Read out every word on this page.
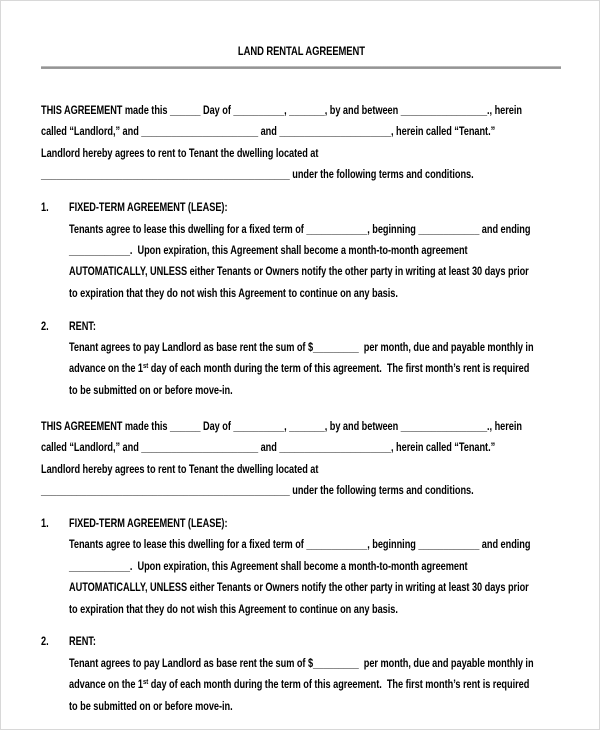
LAND RENTAL AGREEMENT
THIS AGREEMENT made this ______ Day of __________, _______, by and between _________________., herein
called “Landlord,” and _______________________ and ______________________, herein called “Tenant.”
Landlord hereby agrees to rent to Tenant the dwelling located at
_________________________________________________ under the following terms and conditions.
1.	FIXED-TERM AGREEMENT (LEASE):
Tenants agree to lease this dwelling for a fixed term of ____________, beginning ____________ and ending
____________.  Upon expiration, this Agreement shall become a month-to-month agreement
AUTOMATICALLY, UNLESS either Tenants or Owners notify the other party in writing at least 30 days prior
to expiration that they do not wish this Agreement to continue on any basis.
2.	RENT:
Tenant agrees to pay Landlord as base rent the sum of $_________  per month, due and payable monthly in
advance on the 1st day of each month during the term of this agreement.  The first month’s rent is required
to be submitted on or before move-in.
THIS AGREEMENT made this ______ Day of __________, _______, by and between _________________., herein
called “Landlord,” and _______________________ and ______________________, herein called “Tenant.”
Landlord hereby agrees to rent to Tenant the dwelling located at
_________________________________________________ under the following terms and conditions.
1.	FIXED-TERM AGREEMENT (LEASE):
Tenants agree to lease this dwelling for a fixed term of ____________, beginning ____________ and ending
____________.  Upon expiration, this Agreement shall become a month-to-month agreement
AUTOMATICALLY, UNLESS either Tenants or Owners notify the other party in writing at least 30 days prior
to expiration that they do not wish this Agreement to continue on any basis.
2.	RENT:
Tenant agrees to pay Landlord as base rent the sum of $_________  per month, due and payable monthly in
advance on the 1st day of each month during the term of this agreement.  The first month’s rent is required
to be submitted on or before move-in.
